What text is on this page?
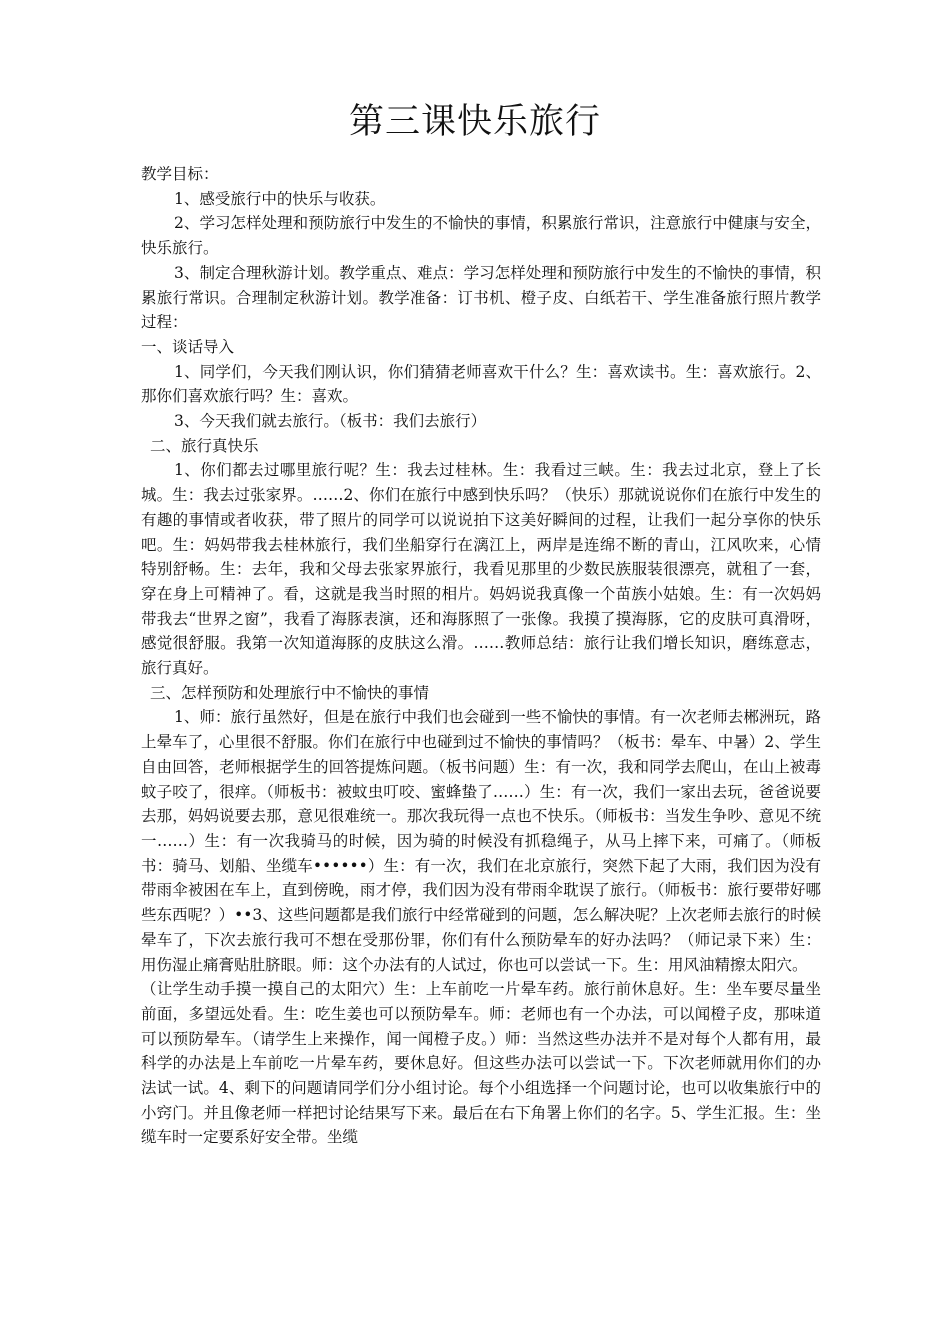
第三课快乐旅行

教学目标：

1、感受旅行中的快乐与收获。

2、学习怎样处理和预防旅行中发生的不愉快的事情，积累旅行常识，注意旅行中健康与安全，快乐旅行。

3、制定合理秋游计划。教学重点、难点：学习怎样处理和预防旅行中发生的不愉快的事情，积累旅行常识。合理制定秋游计划。教学准备：订书机、橙子皮、白纸若干、学生准备旅行照片教学过程：

一、谈话导入

1、同学们，今天我们刚认识，你们猜猜老师喜欢干什么？生：喜欢读书。生：喜欢旅行。2、那你们喜欢旅行吗？生：喜欢。

3、今天我们就去旅行。（板书：我们去旅行）

二、旅行真快乐

1、你们都去过哪里旅行呢？生：我去过桂林。生：我看过三峡。生：我去过北京，登上了长城。生：我去过张家界。……2、你们在旅行中感到快乐吗？（快乐）那就说说你们在旅行中发生的有趣的事情或者收获，带了照片的同学可以说说拍下这美好瞬间的过程，让我们一起分享你的快乐吧。生：妈妈带我去桂林旅行，我们坐船穿行在漓江上，两岸是连绵不断的青山，江风吹来，心情特别舒畅。生：去年，我和父母去张家界旅行，我看见那里的少数民族服装很漂亮，就租了一套，穿在身上可精神了。看，这就是我当时照的相片。妈妈说我真像一个苗族小姑娘。生：有一次妈妈带我去“世界之窗”，我看了海豚表演，还和海豚照了一张像。我摸了摸海豚，它的皮肤可真滑呀，感觉很舒服。我第一次知道海豚的皮肤这么滑。……教师总结：旅行让我们增长知识，磨练意志，旅行真好。

三、怎样预防和处理旅行中不愉快的事情

1、师：旅行虽然好，但是在旅行中我们也会碰到一些不愉快的事情。有一次老师去郴洲玩，路上晕车了，心里很不舒服。你们在旅行中也碰到过不愉快的事情吗？（板书：晕车、中暑）2、学生自由回答，老师根据学生的回答提炼问题。（板书问题）生：有一次，我和同学去爬山，在山上被毒蚊子咬了，很痒。（师板书：被蚊虫叮咬、蜜蜂蛰了……）生：有一次，我们一家出去玩，爸爸说要去那，妈妈说要去那，意见很难统一。那次我玩得一点也不快乐。（师板书：当发生争吵、意见不统一……）生：有一次我骑马的时候，因为骑的时候没有抓稳绳子，从马上摔下来，可痛了。（师板书：骑马、划船、坐缆车••••••）生：有一次，我们在北京旅行，突然下起了大雨，我们因为没有带雨伞被困在车上，直到傍晚，雨才停，我们因为没有带雨伞耽误了旅行。（师板书：旅行要带好哪些东西呢？）••3、这些问题都是我们旅行中经常碰到的问题，怎么解决呢？上次老师去旅行的时候晕车了，下次去旅行我可不想在受那份罪，你们有什么预防晕车的好办法吗？（师记录下来）生：用伤湿止痛膏贴肚脐眼。师：这个办法有的人试过，你也可以尝试一下。生：用风油精擦太阳穴。

（让学生动手摸一摸自己的太阳穴）生：上车前吃一片晕车药。旅行前休息好。生：坐车要尽量坐前面，多望远处看。生：吃生姜也可以预防晕车。师：老师也有一个办法，可以闻橙子皮，那味道可以预防晕车。（请学生上来操作，闻一闻橙子皮。）师：当然这些办法并不是对每个人都有用，最科学的办法是上车前吃一片晕车药，要休息好。但这些办法可以尝试一下。下次老师就用你们的办法试一试。4、剩下的问题请同学们分小组讨论。每个小组选择一个问题讨论，也可以收集旅行中的小窍门。并且像老师一样把讨论结果写下来。最后在右下角署上你们的名字。5、学生汇报。生：坐缆车时一定要系好安全带。坐缆
